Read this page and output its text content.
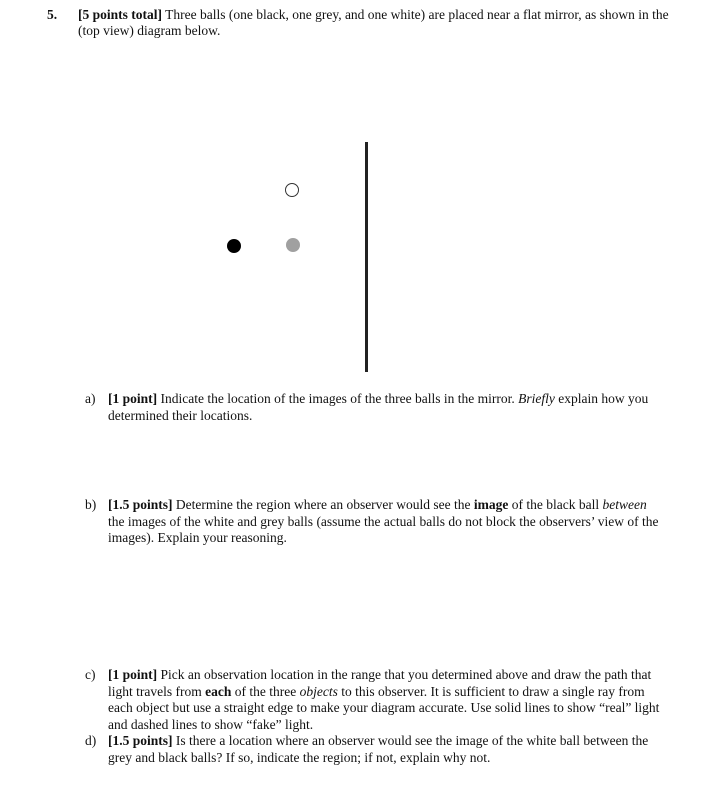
5. [5 points total] Three balls (one black, one grey, and one white) are placed near a flat mirror, as shown in the (top view) diagram below.
a) [1 point] Indicate the location of the images of the three balls in the mirror. Briefly explain how you determined their locations.
b) [1.5 points] Determine the region where an observer would see the image of the black ball between the images of the white and grey balls (assume the actual balls do not block the observers’ view of the images). Explain your reasoning.
c) [1 point] Pick an observation location in the range that you determined above and draw the path that light travels from each of the three objects to this observer. It is sufficient to draw a single ray from each object but use a straight edge to make your diagram accurate. Use solid lines to show “real” light and dashed lines to show “fake” light.
d) [1.5 points] Is there a location where an observer would see the image of the white ball between the grey and black balls? If so, indicate the region; if not, explain why not.
